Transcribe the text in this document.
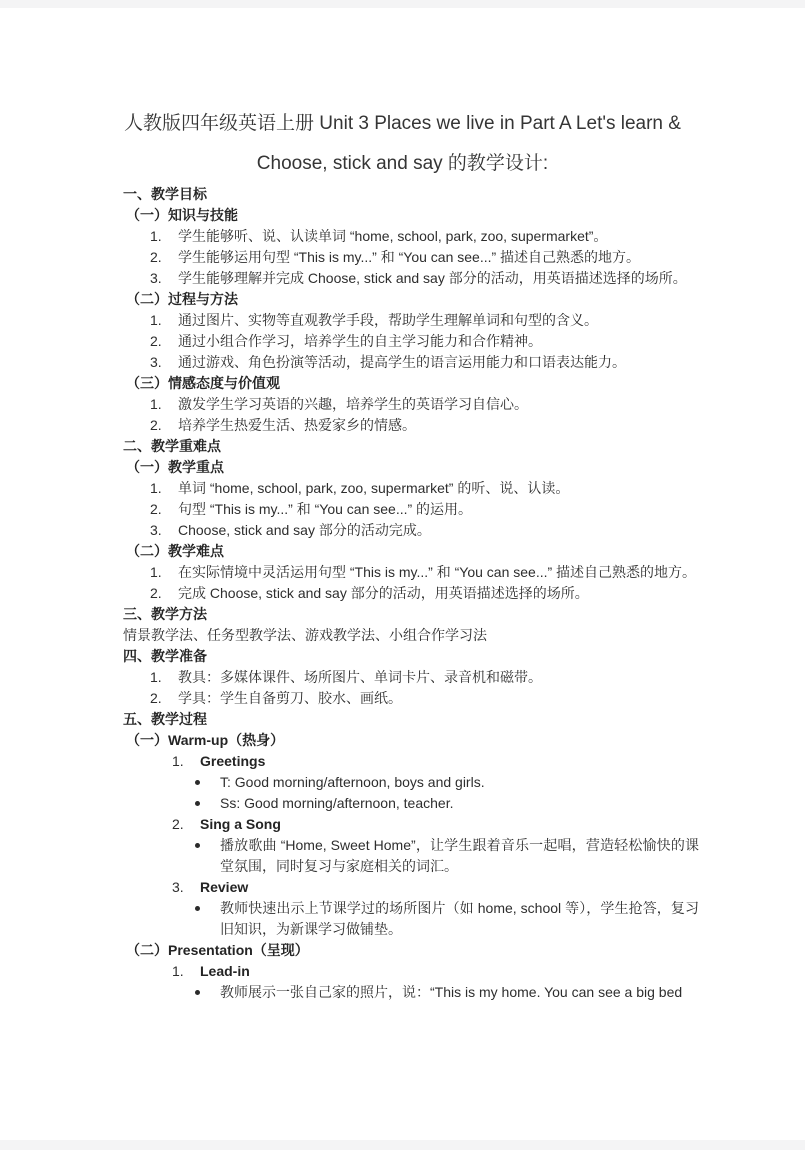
人教版四年级英语上册 Unit 3 Places we live in Part A Let's learn &
Choose, stick and say 的教学设计:
一、教学目标
（一）知识与技能
1. 学生能够听、说、认读单词 “home, school, park, zoo, supermarket”。
2. 学生能够运用句型 “This is my...” 和 “You can see...” 描述自己熟悉的地方。
3. 学生能够理解并完成 Choose, stick and say 部分的活动，用英语描述选择的场所。
（二）过程与方法
1. 通过图片、实物等直观教学手段，帮助学生理解单词和句型的含义。
2. 通过小组合作学习，培养学生的自主学习能力和合作精神。
3. 通过游戏、角色扮演等活动，提高学生的语言运用能力和口语表达能力。
（三）情感态度与价值观
1. 激发学生学习英语的兴趣，培养学生的英语学习自信心。
2. 培养学生热爱生活、热爱家乡的情感。
二、教学重难点
（一）教学重点
1. 单词 “home, school, park, zoo, supermarket” 的听、说、认读。
2. 句型 “This is my...” 和 “You can see...” 的运用。
3. Choose, stick and say 部分的活动完成。
（二）教学难点
1. 在实际情境中灵活运用句型 “This is my...” 和 “You can see...” 描述自己熟悉的地方。
2. 完成 Choose, stick and say 部分的活动，用英语描述选择的场所。
三、教学方法
情景教学法、任务型教学法、游戏教学法、小组合作学习法
四、教学准备
1. 教具：多媒体课件、场所图片、单词卡片、录音机和磁带。
2. 学具：学生自备剪刀、胶水、画纸。
五、教学过程
（一）Warm-up（热身）
1. Greetings
T: Good morning/afternoon, boys and girls.
Ss: Good morning/afternoon, teacher.
2. Sing a Song
播放歌曲 “Home, Sweet Home”，让学生跟着音乐一起唱，营造轻松愉快的课堂氛围，同时复习与家庭相关的词汇。
3. Review
教师快速出示上节课学过的场所图片（如 home, school 等），学生抢答，复习旧知识，为新课学习做铺垫。
（二）Presentation（呈现）
1. Lead-in
教师展示一张自己家的照片，说：“This is my home. You can see a big bed
